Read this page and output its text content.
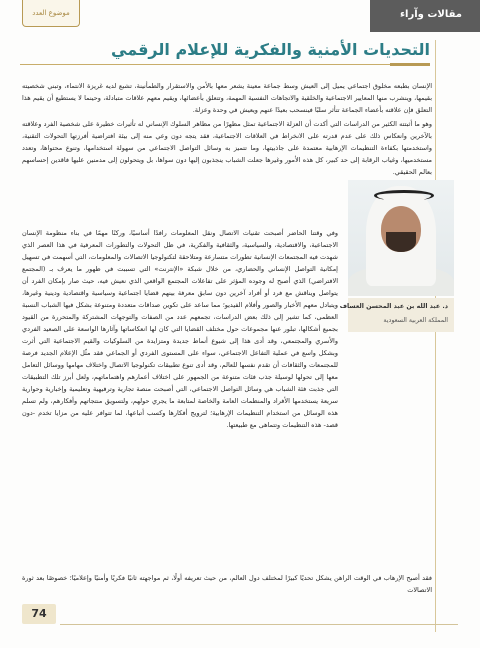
موضوع العدد	مقالات وآراء
التحديات الأمنية والفكرية للإعلام الرقمي

الإنسان بطبعه مخلوق اجتماعي يميل إلى العيش وسط جماعة معينة يشعر معها بالأمن والاستقرار والطمأنينة، تشبع لديه غريزة الانتماء، وتبني شخصيته بقيمها، وينشرب منها المعايير الاجتماعية والخلقية والاتجاهات النفسية المهمة، وتتعلق بأعضائها، ويقيم معهم علاقات متبادلة، وحينما لا يستطيع أن يقيم هذا التعلق فإن علاقته بأعضاء الجماعة تتأثر سلبًا فينسحب بعيدًا عنهم ويعيش في وحدة وعزلة.

وهو ما أثبتته الكثير من الدراسات التي أكدت أن العزلة الاجتماعية تمثل مظهرًا من مظاهر السلوك الإنساني له تأثيرات خطيرة على شخصية الفرد وعلاقته بالآخرين وانعكاس ذلك على عدم قدرته على الانخراط في العلاقات الاجتماعية، فقد يتجه دون وعي منه إلى بيئة افتراضية أفرزتها التحولات التقنية، واستخدمتها بكفاءة التنظيمات الإرهابية معتمدة على جاذبيتها، وما تتميز به وسائل التواصل الاجتماعي من سهولة استخدامها، وتنوع محتواها، وتعدد مستخدميها، وغياب الرقابة إلى حد كبير، كل هذه الأمور وغيرها جعلت الشباب ينجذبون إليها دون سواها، بل ويتحولون إلى مدمنين عليها فاقدين إحساسهم بعالم الحقيقي.

د. عبد الله بن عبد المحسن العساف
المملكة العربية السعودية

وفي وقتنا الحاضر أصبحت تقنيات الاتصال ونقل المعلومات رافدًا أساسيًا، وركنًا مهمًا في بناء منظومة الإنسان الاجتماعية، والاقتصادية، والسياسية، والثقافية والفكرية، في ظل التحولات والتطورات المعرفية في هذا العصر الذي شهدت فيه المجتمعات الإنسانية تطورات متسارعة ومتلاحقة لتكنولوجيا الاتصالات والمعلومات، التي أسهمت في تسهيل إمكانية التواصل الإنساني والحضاري، من خلال شبكة «الإنترنت» التي تسببت في ظهور ما يعرف بـ (المجتمع الافتراضي) الذي أصبح له وجوده المؤثر على تفاعلات المجتمع الواقعي الذي نعيش فيه، حيث صار بإمكان الفرد أن يتواصل ويناقش مع فرد أو أفراد آخرين دون سابق معرفة بينهم قضايا اجتماعية وسياسية واقتصادية ودينية وغيرها، ويتبادل معهم الأخبار والصور وأفلام الفيديو؛ مما ساعد على تكوين صداقات متعددة ومتنوعة بشكل فيها الشباب النسبة العظمى، كما تشير إلى ذلك بعض الدراسات، تجمعهم عدد من الصفات والتوجهات المشتركة والمتحررة من القيود بجميع أشكالها، تبلور عنها مجموعات حول مختلف القضايا التي كان لها انعكاساتها وآثارها الواسعة على الصعيد الفردي والأسري والمجتمعي، وقد أدى هذا إلى شيوع أنماط جديدة ومتزايدة من السلوكيات والقيم الاجتماعية التي أثرت وبشكل واسع في عملية التفاعل الاجتماعي، سواء على المستوى الفردي أو الجماعي فقد مثّل الإعلام الجديد فرصة للمجتمعات والثقافات أن تقدم نفسها للعالم، وقد أدى تنوع تطبيقات تكنولوجيا الاتصال واختلاف مهامها ووسائل التعامل معها إلى تحولها لوسيلة جذب فئات متنوعة من الجمهور على اختلاف أعمارهم واهتماماتهم، ولعل أبرز تلك التطبيقات التي جذبت فئة الشباب هي وسائل التواصل الاجتماعي، التي أصبحت منصة تجارية وترفيهية وتعليمية وإخبارية وحوارية سريعة يستخدمها الأفراد والمنظمات العامة والخاصة لمتابعة ما يجري حولهم، ولتسويق منتجاتهم وأفكارهم، ولم تسلم هذه الوسائل من استخدام التنظيمات الإرهابية؛ لترويج أفكارها وكسب أتباعها، لما تتوافر عليه من مزايا تخدم -دون قصد- هذه التنظيمات وتتماهى مع طبيعتها.

فقد أصبح الإرهاب في الوقت الراهن يشكل تحديًا كبيرًا لمختلف دول العالم، من حيث تعريفه أولًا، ثم مواجهته ثانيًا فكريًا وأمنيًا وإعلاميًا؛ خصوصًا بعد ثورة الاتصالات

74
